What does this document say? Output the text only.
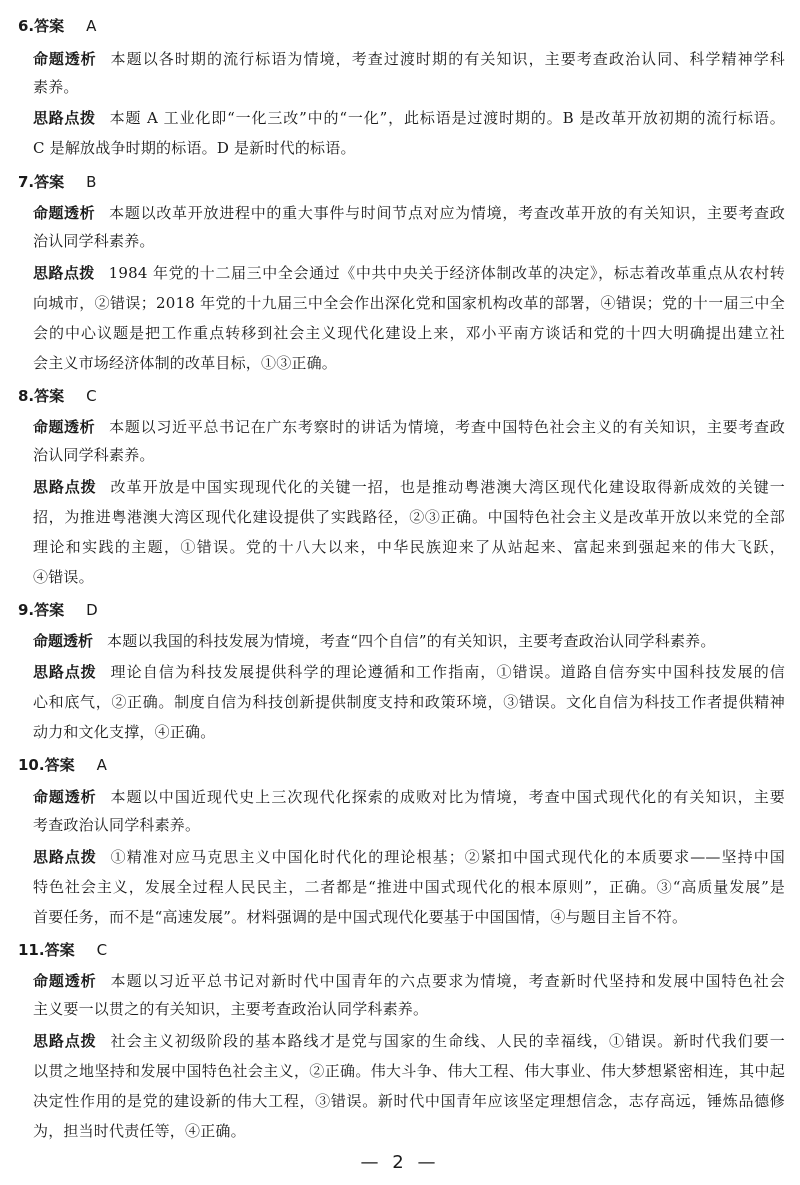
6.答案 A
命题透析 本题以各时期的流行标语为情境，考查过渡时期的有关知识，主要考查政治认同、科学精神学科
素养。
思路点拨 本题 A 工业化即“一化三改”中的“一化”，此标语是过渡时期的。B 是改革开放初期的流行标语。
C 是解放战争时期的标语。D 是新时代的标语。
7.答案 B
命题透析 本题以改革开放进程中的重大事件与时间节点对应为情境，考查改革开放的有关知识，主要考查政
治认同学科素养。
思路点拨 1984 年党的十二届三中全会通过《中共中央关于经济体制改革的决定》，标志着改革重点从农村转
向城市，②错误；2018 年党的十九届三中全会作出深化党和国家机构改革的部署，④错误；党的十一届三中全
会的中心议题是把工作重点转移到社会主义现代化建设上来，邓小平南方谈话和党的十四大明确提出建立社
会主义市场经济体制的改革目标，①③正确。
8.答案 C
命题透析 本题以习近平总书记在广东考察时的讲话为情境，考查中国特色社会主义的有关知识，主要考查政
治认同学科素养。
思路点拨 改革开放是中国实现现代化的关键一招，也是推动粤港澳大湾区现代化建设取得新成效的关键一
招，为推进粤港澳大湾区现代化建设提供了实践路径，②③正确。中国特色社会主义是改革开放以来党的全部
理论和实践的主题，①错误。党的十八大以来，中华民族迎来了从站起来、富起来到强起来的伟大飞跃，
④错误。
9.答案 D
命题透析 本题以我国的科技发展为情境，考查“四个自信”的有关知识，主要考查政治认同学科素养。
思路点拨 理论自信为科技发展提供科学的理论遵循和工作指南，①错误。道路自信夯实中国科技发展的信
心和底气，②正确。制度自信为科技创新提供制度支持和政策环境，③错误。文化自信为科技工作者提供精神
动力和文化支撑，④正确。
10.答案 A
命题透析 本题以中国近现代史上三次现代化探索的成败对比为情境，考查中国式现代化的有关知识，主要
考查政治认同学科素养。
思路点拨 ①精准对应马克思主义中国化时代化的理论根基；②紧扣中国式现代化的本质要求——坚持中国
特色社会主义，发展全过程人民民主，二者都是“推进中国式现代化的根本原则”，正确。③“高质量发展”是
首要任务，而不是“高速发展”。材料强调的是中国式现代化要基于中国国情，④与题目主旨不符。
11.答案 C
命题透析 本题以习近平总书记对新时代中国青年的六点要求为情境，考查新时代坚持和发展中国特色社会
主义要一以贯之的有关知识，主要考查政治认同学科素养。
思路点拨 社会主义初级阶段的基本路线才是党与国家的生命线、人民的幸福线，①错误。新时代我们要一
以贯之地坚持和发展中国特色社会主义，②正确。伟大斗争、伟大工程、伟大事业、伟大梦想紧密相连，其中起
决定性作用的是党的建设新的伟大工程，③错误。新时代中国青年应该坚定理想信念，志存高远，锤炼品德修
为，担当时代责任等，④正确。
— 2 —
